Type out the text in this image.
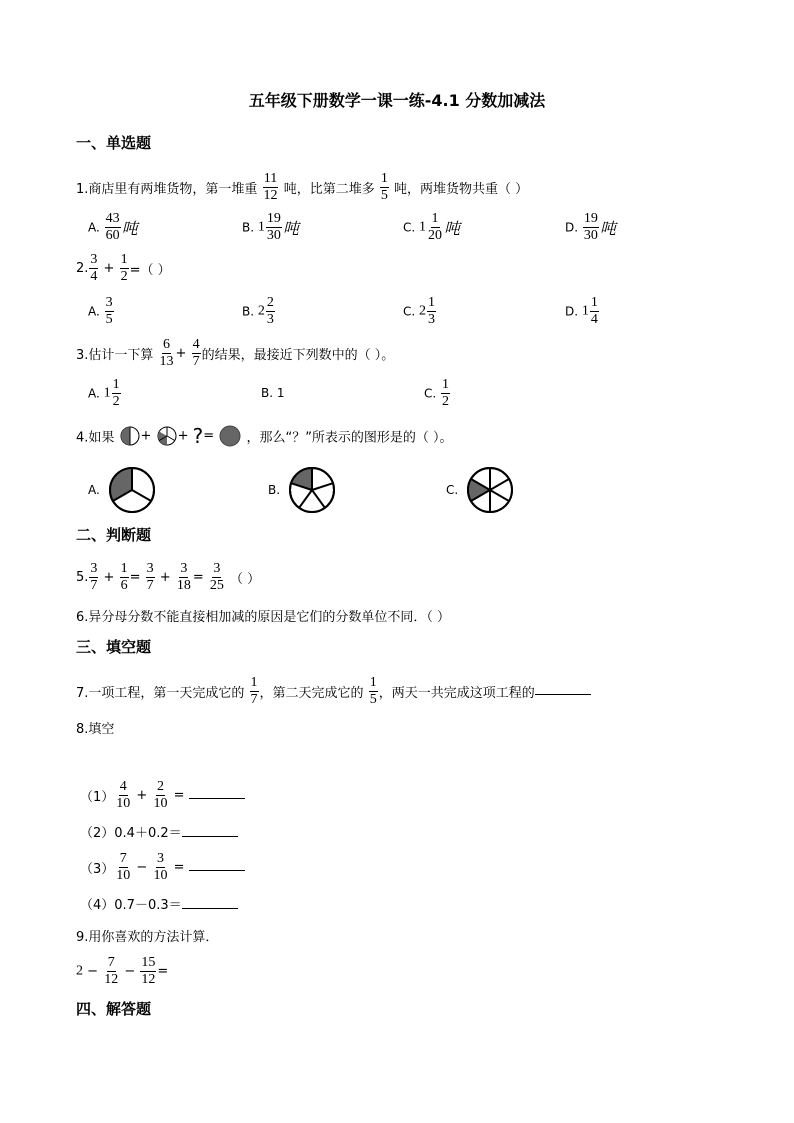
五年级下册数学一课一练-4.1 分数加减法
一、单选题
1.商店里有两堆货物，第一堆重 $\frac{11}{12}$ 吨，比第二堆多 $\frac{1}{5}$ 吨，两堆货物共重（ ）
A. $\frac{43}{60}$ 吨	B. $1 \frac{19}{30}$ 吨	C. $1 \frac{1}{20}$ 吨	D. $\frac{19}{30}$ 吨
2. $\frac{3}{4} + \frac{1}{2}$ =（ ）
A. $\frac{3}{5}$	B. $2 \frac{2}{3}$	C. $2 \frac{1}{3}$	D. $1 \frac{1}{4}$
3.估计一下算 $\frac{6}{13} + \frac{4}{7}$ 的结果，最接近下列数中的（ ）。
A. $1 \frac{1}{2}$	B. 1	C. $\frac{1}{2}$
4.如果 + + ?= ，那么“？”所表示的图形是的（ ）。
A.	B.	C.
二、判断题
5. $\frac{3}{7} + \frac{1}{6} = \frac{3}{7} + \frac{3}{18} = \frac{3}{25}$ （ ）
6.异分母分数不能直接相加减的原因是它们的分数单位不同．（ ）
三、填空题
7.一项工程，第一天完成它的 $\frac{1}{7}$ ，第二天完成它的 $\frac{1}{5}$ ，两天一共完成这项工程的
8.填空
$(1) \frac{4}{10} + \frac{2}{10}$ =
（2）0.4＋0.2＝
$(3) \frac{7}{10} - \frac{3}{10}$ =
（4）0.7－0.3＝
9.用你喜欢的方法计算．
$2 - \frac{7}{12} - \frac{15}{12}$ =
四、解答题
